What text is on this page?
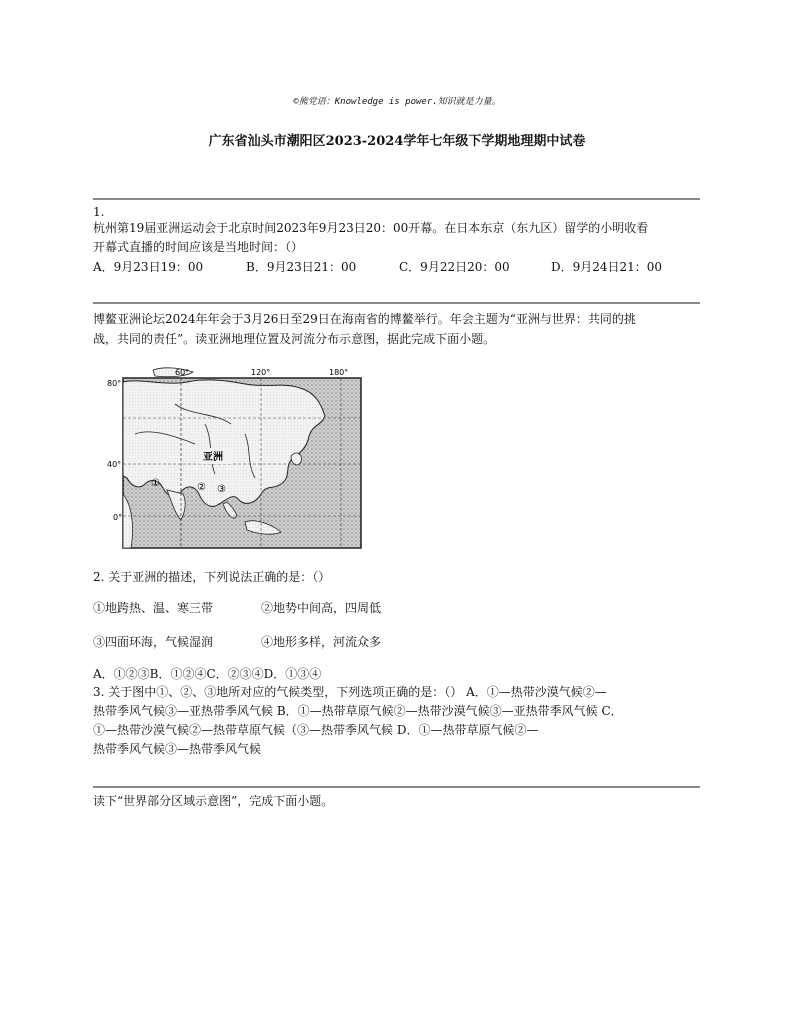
©熊党语：Knowledge is power.知识就是力量。
广东省汕头市潮阳区2023-2024学年七年级下学期地理期中试卷
1.
杭州第19届亚洲运动会于北京时间2023年9月23日20：00开幕。在日本东京（东九区）留学的小明收看
开幕式直播的时间应该是当地时间：（）
A．9月23日19：00	B．9月23日21：00	C．9月22日20：00	D．9月24日21：00
博鳌亚洲论坛2024年年会于3月26日至29日在海南省的博鳌举行。年会主题为“亚洲与世界：共同的挑
战，共同的责任”。读亚洲地理位置及河流分布示意图，据此完成下面小题。
60°	120°	180°
80°
40°
0°
亚洲
①	② ③
2. 关于亚洲的描述，下列说法正确的是：（）
①地跨热、温、寒三带	②地势中间高，四周低
③四面环海，气候湿润	④地形多样，河流众多
A．①②③B．①②④C．②③④D．①③④
3. 关于图中①、②、③地所对应的气候类型，下列选项正确的是：（） A．①—热带沙漠气候②—
热带季风气候③—亚热带季风气候 B．①—热带草原气候②—热带沙漠气候③—亚热带季风气候 C．
①—热带沙漠气候②—热带草原气候（③—热带季风气候 D．①—热带草原气候②—
热带季风气候③—热带季风气候
读下“世界部分区域示意图”，完成下面小题。
